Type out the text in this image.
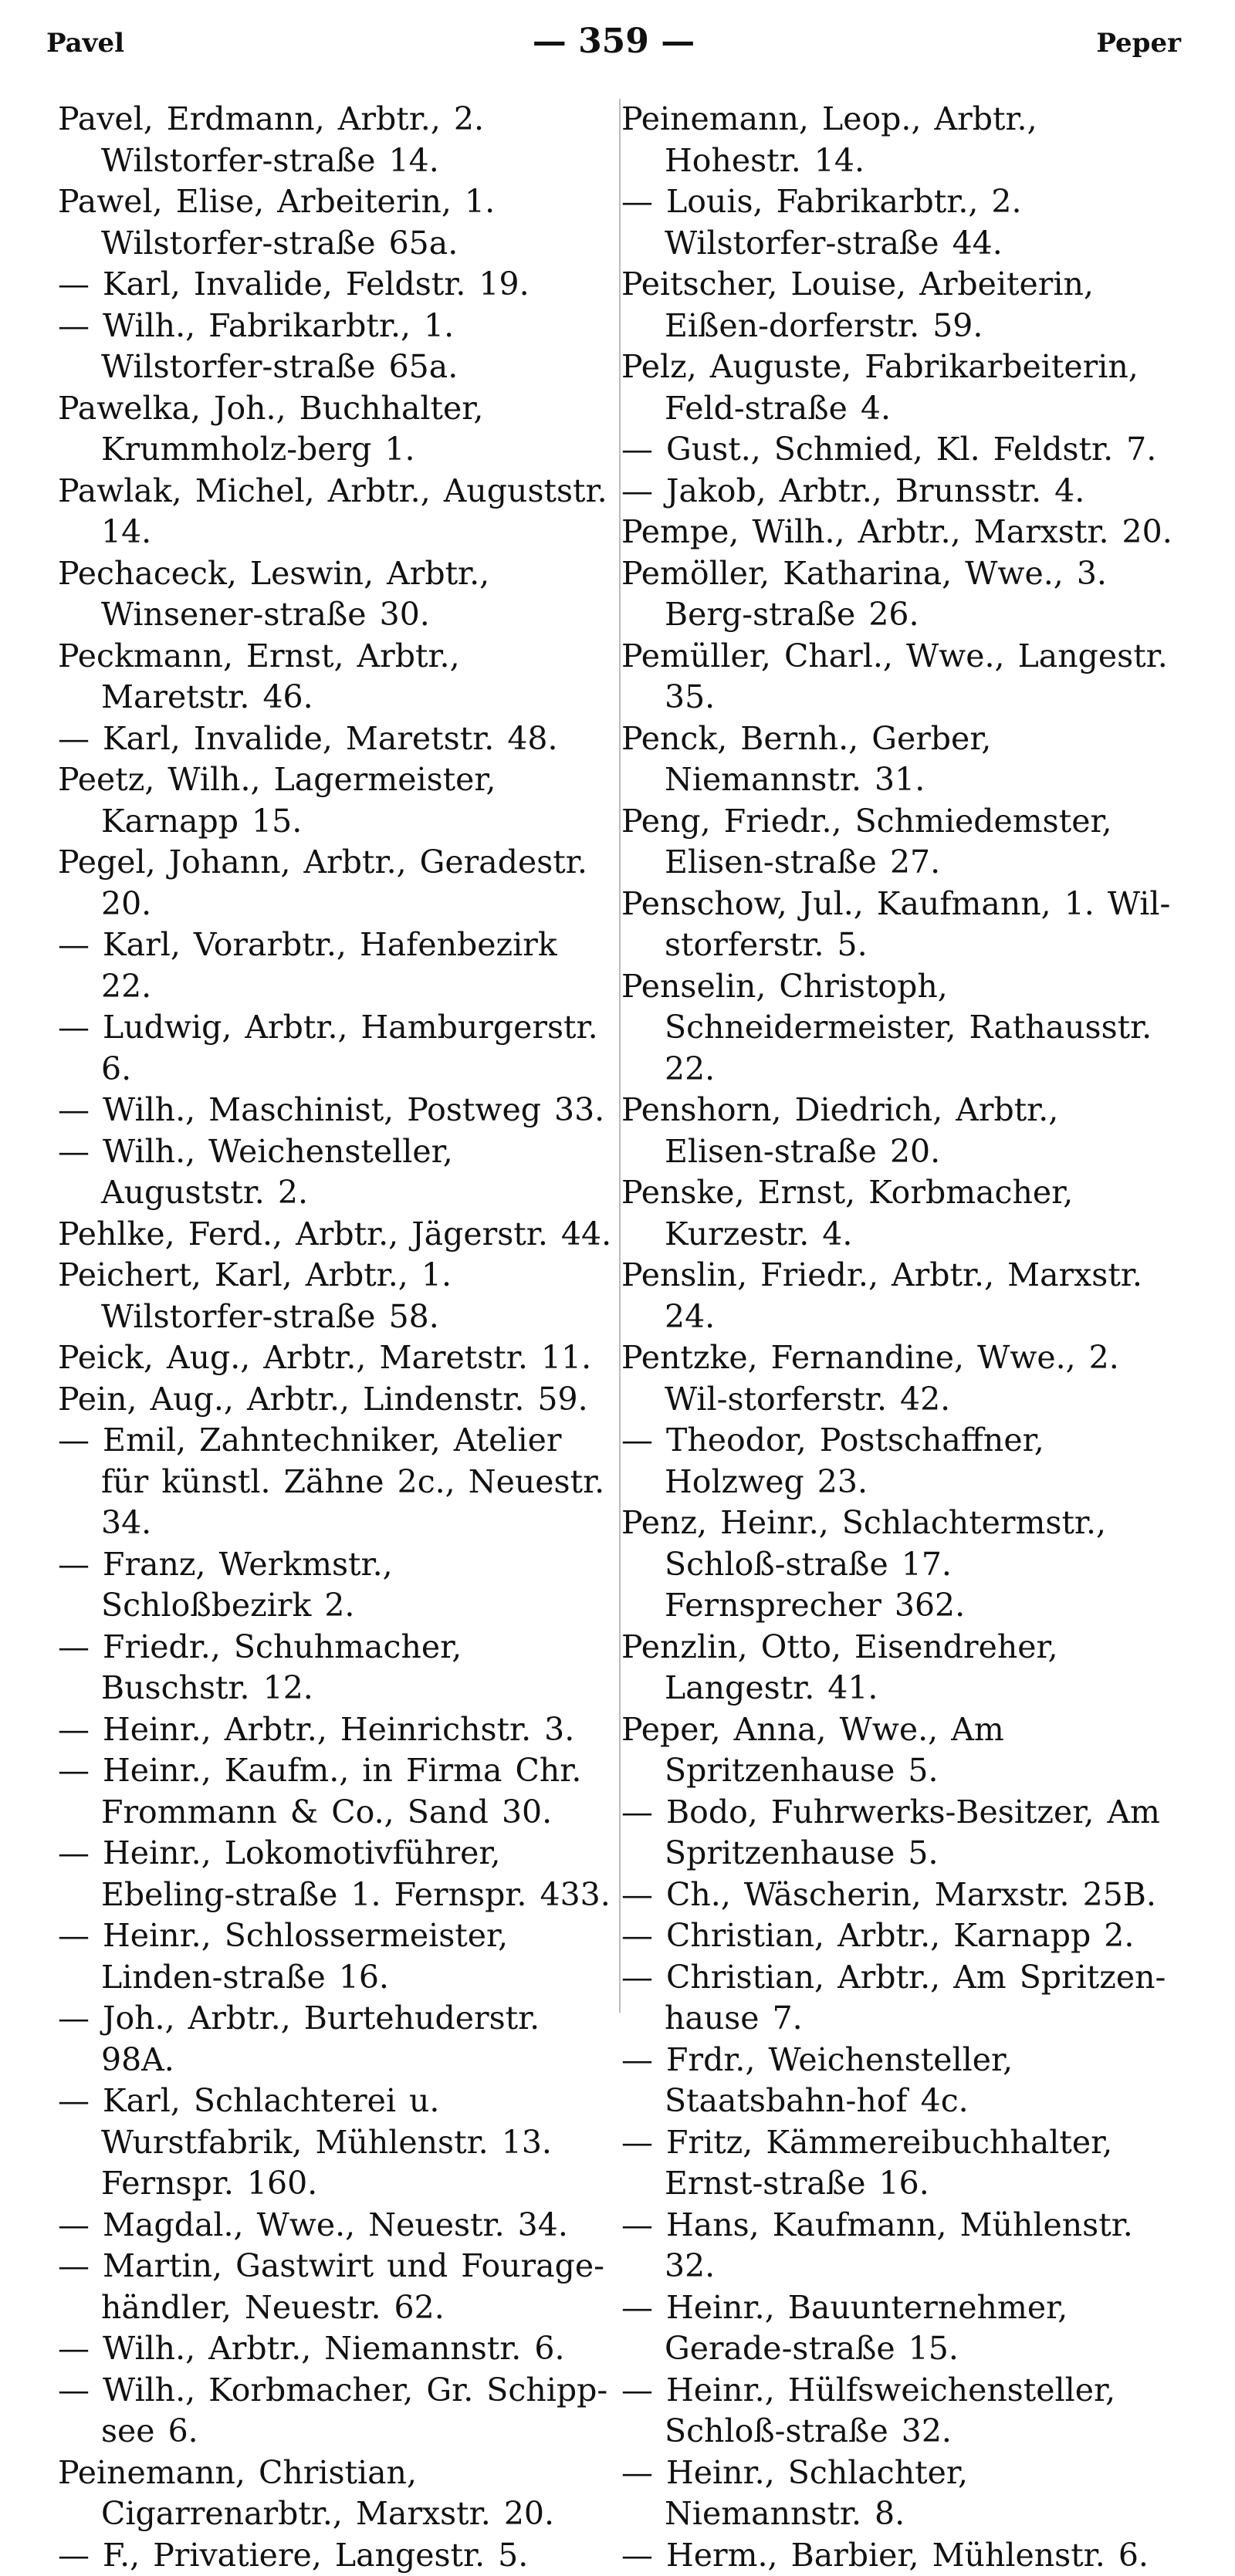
Pavel	— 359 —	Peper
Pavel, Erdmann, Arbtr., 2. Wilstorfer-straße 14.
Pawel, Elise, Arbeiterin, 1. Wilstorfer-straße 65a.
— Karl, Invalide, Feldstr. 19.
— Wilh., Fabrikarbtr., 1. Wilstorfer-straße 65a.
Pawelka, Joh., Buchhalter, Krummholz-berg 1.
Pawlak, Michel, Arbtr., Auguststr. 14.
Pechaceck, Leswin, Arbtr., Winsener-straße 30.
Peckmann, Ernst, Arbtr., Maretstr. 46.
— Karl, Invalide, Maretstr. 48.
Peetz, Wilh., Lagermeister, Karnapp 15.
Pegel, Johann, Arbtr., Geradestr. 20.
— Karl, Vorarbtr., Hafenbezirk 22.
— Ludwig, Arbtr., Hamburgerstr. 6.
— Wilh., Maschinist, Postweg 33.
— Wilh., Weichensteller, Auguststr. 2.
Pehlke, Ferd., Arbtr., Jägerstr. 44.
Peichert, Karl, Arbtr., 1. Wilstorfer-straße 58.
Peick, Aug., Arbtr., Maretstr. 11.
Pein, Aug., Arbtr., Lindenstr. 59.
— Emil, Zahntechniker, Atelier für künstl. Zähne 2c., Neuestr. 34.
— Franz, Werkmstr., Schloßbezirk 2.
— Friedr., Schuhmacher, Buschstr. 12.
— Heinr., Arbtr., Heinrichstr. 3.
— Heinr., Kaufm., in Firma Chr. Frommann & Co., Sand 30.
— Heinr., Lokomotivführer, Ebeling-straße 1. Fernspr. 433.
— Heinr., Schlossermeister, Linden-straße 16.
— Joh., Arbtr., Burtehuderstr. 98A.
— Karl, Schlachterei u. Wurstfabrik, Mühlenstr. 13. Fernspr. 160.
— Magdal., Wwe., Neuestr. 34.
— Martin, Gastwirt und Fourage-händler, Neuestr. 62.
— Wilh., Arbtr., Niemannstr. 6.
— Wilh., Korbmacher, Gr. Schipp-see 6.
Peinemann, Christian, Cigarrenarbtr., Marxstr. 20.
— F., Privatiere, Langestr. 5.
Peinemann, Leop., Arbtr., Hohestr. 14.
— Louis, Fabrikarbtr., 2. Wilstorfer-straße 44.
Peitscher, Louise, Arbeiterin, Eißen-dorferstr. 59.
Pelz, Auguste, Fabrikarbeiterin, Feld-straße 4.
— Gust., Schmied, Kl. Feldstr. 7.
— Jakob, Arbtr., Brunsstr. 4.
Pempe, Wilh., Arbtr., Marxstr. 20.
Pemöller, Katharina, Wwe., 3. Berg-straße 26.
Pemüller, Charl., Wwe., Langestr. 35.
Penck, Bernh., Gerber, Niemannstr. 31.
Peng, Friedr., Schmiedemster, Elisen-straße 27.
Penschow, Jul., Kaufmann, 1. Wil-storferstr. 5.
Penselin, Christoph, Schneidermeister, Rathausstr. 22.
Penshorn, Diedrich, Arbtr., Elisen-straße 20.
Penske, Ernst, Korbmacher, Kurzestr. 4.
Penslin, Friedr., Arbtr., Marxstr. 24.
Pentzke, Fernandine, Wwe., 2. Wil-storferstr. 42.
— Theodor, Postschaffner, Holzweg 23.
Penz, Heinr., Schlachtermstr., Schloß-straße 17. Fernsprecher 362.
Penzlin, Otto, Eisendreher, Langestr. 41.
Peper, Anna, Wwe., Am Spritzenhause 5.
— Bodo, Fuhrwerks-Besitzer, Am Spritzenhause 5.
— Ch., Wäscherin, Marxstr. 25B.
— Christian, Arbtr., Karnapp 2.
— Christian, Arbtr., Am Spritzen-hause 7.
— Frdr., Weichensteller, Staatsbahn-hof 4c.
— Fritz, Kämmereibuchhalter, Ernst-straße 16.
— Hans, Kaufmann, Mühlenstr. 32.
— Heinr., Bauunternehmer, Gerade-straße 15.
— Heinr., Hülfsweichensteller, Schloß-straße 32.
— Heinr., Schlachter, Niemannstr. 8.
— Herm., Barbier, Mühlenstr. 6.
